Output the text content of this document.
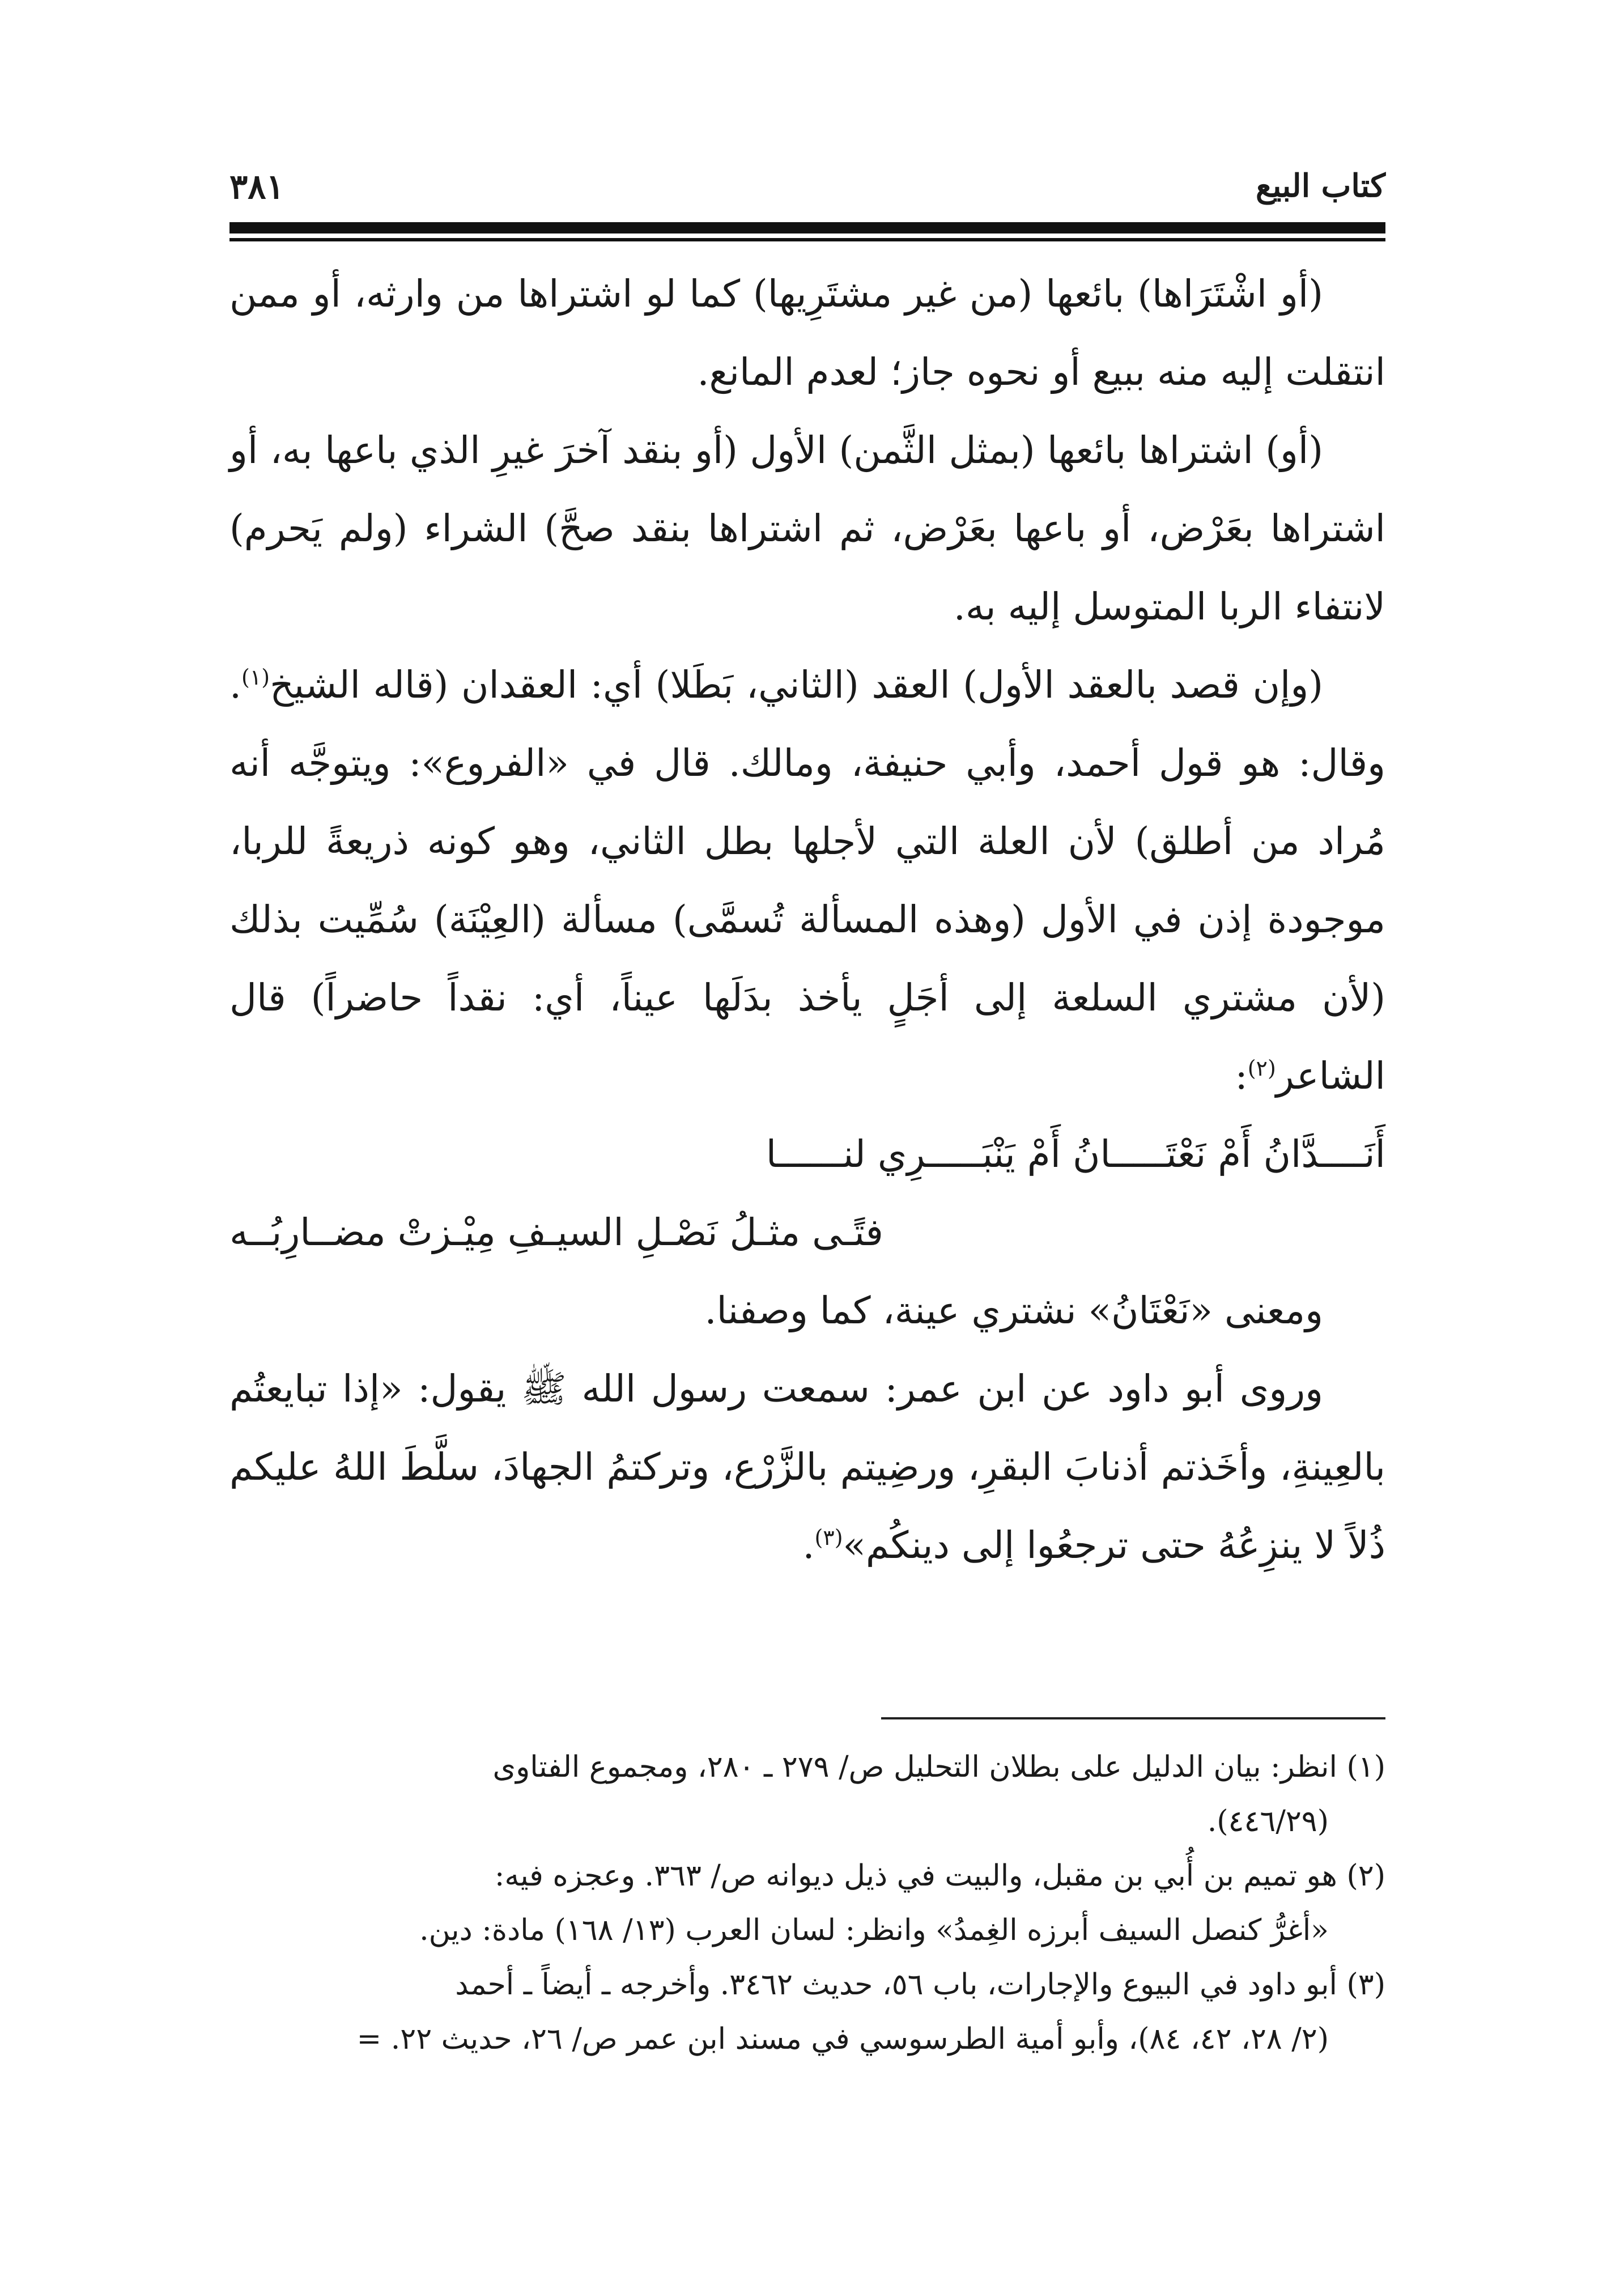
كتاب البيع
٣٨١

(أو اشْتَرَاها) بائعها (من غير مشتَرِيها) كما لو اشتراها من وارثه، أو ممن انتقلت إليه منه ببيع أو نحوه جاز؛ لعدم المانع.

(أو) اشتراها بائعها (بمثل الثَّمن) الأول (أو بنقد آخرَ غيرِ الذي باعها به، أو اشتراها بعَرْض، أو باعها بعَرْض، ثم اشتراها بنقد صحَّ) الشراء (ولم يَحرم) لانتفاء الربا المتوسل إليه به.

(وإن قصد بالعقد الأول) العقد (الثاني، بَطَلا) أي: العقدان (قاله الشيخ$^{(١)}$. وقال: هو قول أحمد، وأبي حنيفة، ومالك. قال في «الفروع»: ويتوجَّه أنه مُراد من أطلق) لأن العلة التي لأجلها بطل الثاني، وهو كونه ذريعةً للربا، موجودة إذن في الأول (وهذه المسألة تُسمَّى) مسألة (العِيْنَة) سُمِّيت بذلك (لأن مشتري السلعة إلى أجَلٍ يأخذ بدَلَها عيناً، أي: نقداً حاضراً) قال الشاعر$^{(٢)}$:

أَنَــــدَّانُ أَمْ نَعْتَـــــانُ أَمْ يَنْبَـــــرِي لنــــــا
فتًـى مثـلُ نَصْـلِ السيـفِ مِيْـزتْ مضــارِبُــه

ومعنى «نَعْتَانُ» نشتري عينة، كما وصفنا.

وروى أبو داود عن ابن عمر: سمعت رسول الله ﷺ يقول: «إذا تبايعتُم بالعِينةِ، وأخَذتم أذنابَ البقرِ، ورضِيتم بالزَّرْع، وتركتمُ الجهادَ، سلَّطَ اللهُ عليكم ذُلاً لا ينزِعُهُ حتى ترجعُوا إلى دينكُم»$^{(٣)}$.

(١) انظر: بيان الدليل على بطلان التحليل ص/ ٢٧٩ ـ ٢٨٠، ومجموع الفتاوى

(٤٤٦/٢٩).

(٢) هو تميم بن أُبي بن مقبل، والبيت في ذيل ديوانه ص/ ٣٦٣. وعجزه فيه:

«أغرُّ كنصل السيف أبرزه الغِمدُ» وانظر: لسان العرب (١٣/ ١٦٨) مادة: دين.

(٣) أبو داود في البيوع والإجارات، باب ٥٦، حديث ٣٤٦٢. وأخرجه ـ أيضاً ـ أحمد

(٢/ ٢٨، ٤٢، ٨٤)، وأبو أمية الطرسوسي في مسند ابن عمر ص/ ٢٦، حديث ٢٢. =
